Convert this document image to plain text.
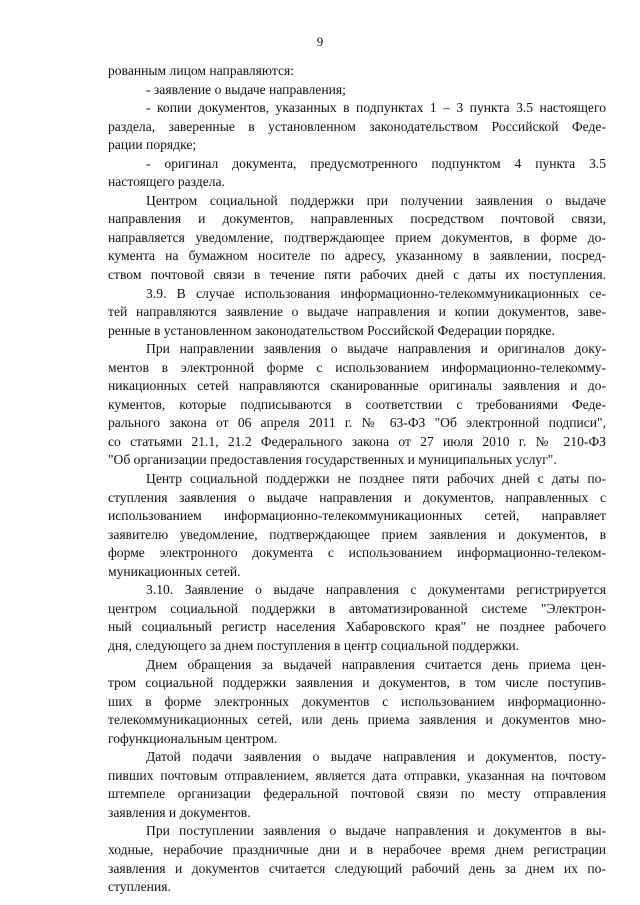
9
рованным лицом направляются:
- заявление о выдаче направления;
- копии документов, указанных в подпунктах 1 – 3 пункта 3.5 настоящего
раздела, заверенные в установленном законодательством Российской Феде-
рации порядке;
- оригинал документа, предусмотренного подпунктом 4 пункта 3.5
настоящего раздела.
Центром социальной поддержки при получении заявления о выдаче
направления и документов, направленных посредством почтовой связи,
направляется уведомление, подтверждающее прием документов, в форме до-
кумента на бумажном носителе по адресу, указанному в заявлении, посред-
ством почтовой связи в течение пяти рабочих дней с даты их поступления.
3.9. В случае использования информационно-телекоммуникационных се-
тей направляются заявление о выдаче направления и копии документов, заве-
ренные в установленном законодательством Российской Федерации порядке.
При направлении заявления о выдаче направления и оригиналов доку-
ментов в электронной форме с использованием информационно-телекомму-
никационных сетей направляются сканированные оригиналы заявления и до-
кументов, которые подписываются в соответствии с требованиями Феде-
рального закона от 06 апреля 2011 г. № 63-ФЗ "Об электронной подписи",
со статьями 21.1, 21.2 Федерального закона от 27 июля 2010 г. № 210-ФЗ
"Об организации предоставления государственных и муниципальных услуг".
Центр социальной поддержки не позднее пяти рабочих дней с даты по-
ступления заявления о выдаче направления и документов, направленных с
использованием информационно-телекоммуникационных сетей, направляет
заявителю уведомление, подтверждающее прием заявления и документов, в
форме электронного документа с использованием информационно-телеком-
муникационных сетей.
3.10. Заявление о выдаче направления с документами регистрируется
центром социальной поддержки в автоматизированной системе "Электрон-
ный социальный регистр населения Хабаровского края" не позднее рабочего
дня, следующего за днем поступления в центр социальной поддержки.
Днем обращения за выдачей направления считается день приема цен-
тром социальной поддержки заявления и документов, в том числе поступив-
ших в форме электронных документов с использованием информационно-
телекоммуникационных сетей, или день приема заявления и документов мно-
гофункциональным центром.
Датой подачи заявления о выдаче направления и документов, посту-
пивших почтовым отправлением, является дата отправки, указанная на почтовом
штемпеле организации федеральной почтовой связи по месту отправления
заявления и документов.
При поступлении заявления о выдаче направления и документов в вы-
ходные, нерабочие праздничные дни и в нерабочее время днем регистрации
заявления и документов считается следующий рабочий день за днем их по-
ступления.
